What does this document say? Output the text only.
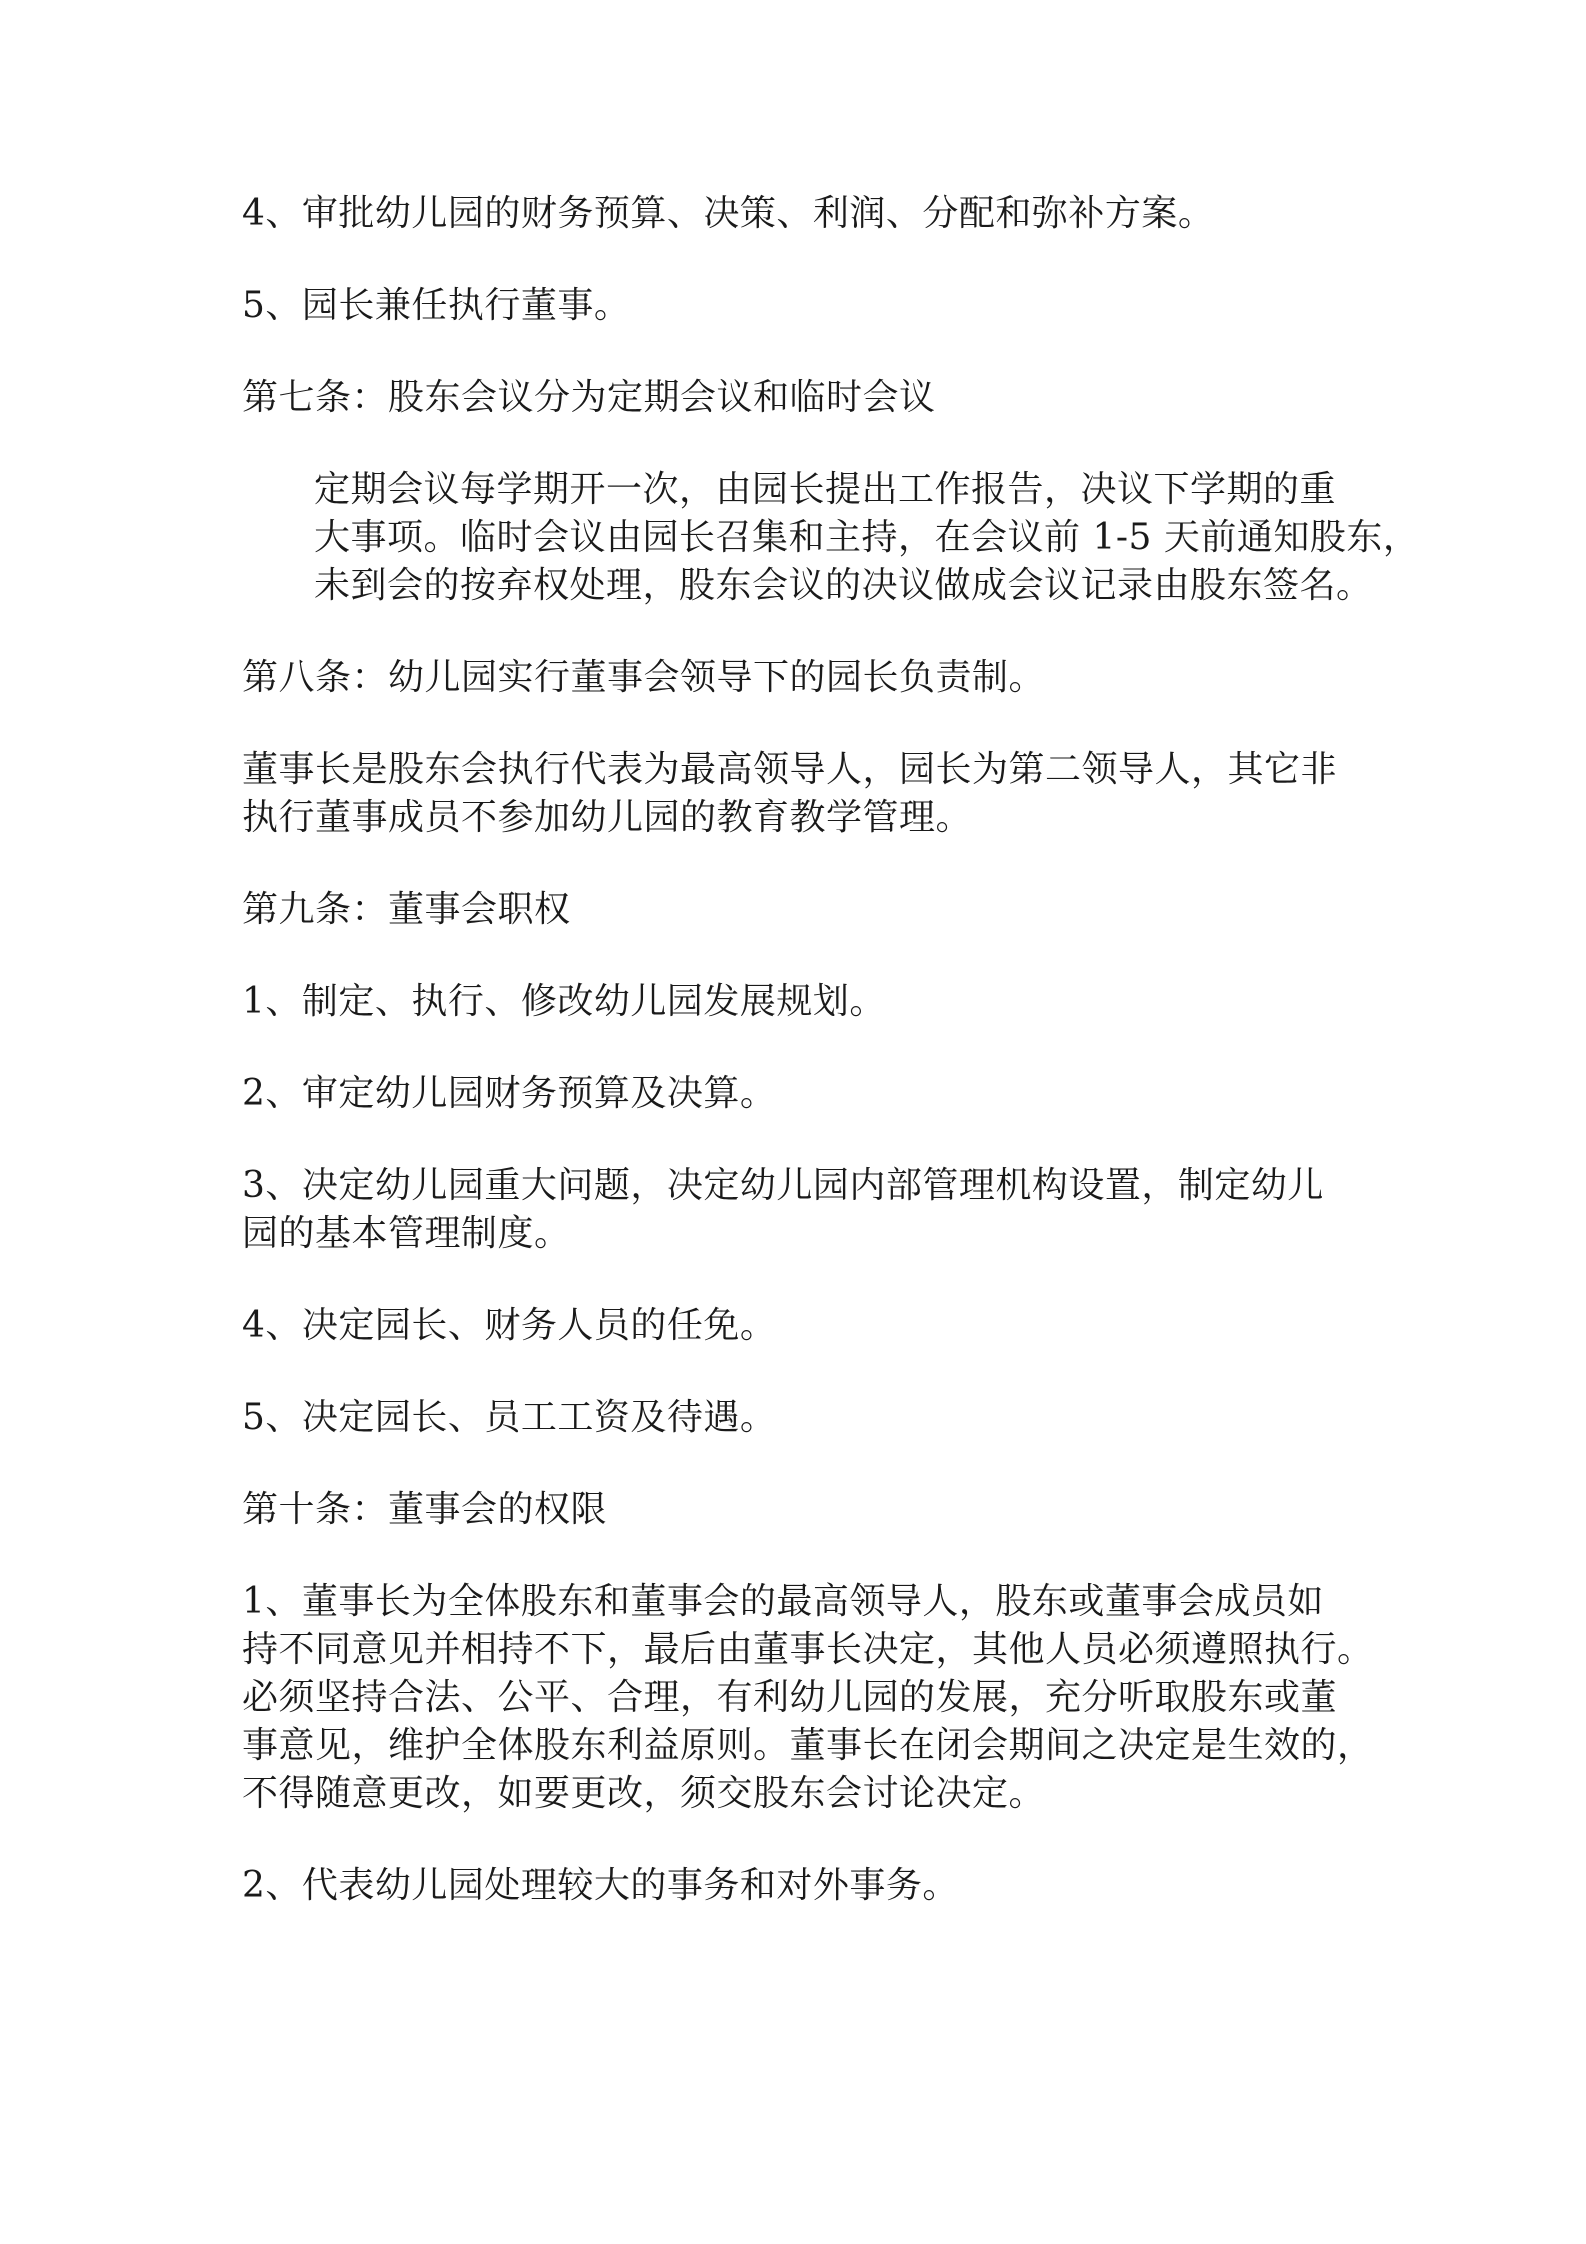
4、审批幼儿园的财务预算、决策、利润、分配和弥补方案。
5、园长兼任执行董事。
第七条：股东会议分为定期会议和临时会议
定期会议每学期开一次，由园长提出工作报告，决议下学期的重
大事项。临时会议由园长召集和主持，在会议前 1-5 天前通知股东，
未到会的按弃权处理，股东会议的决议做成会议记录由股东签名。
第八条：幼儿园实行董事会领导下的园长负责制。
董事长是股东会执行代表为最高领导人，园长为第二领导人，其它非
执行董事成员不参加幼儿园的教育教学管理。
第九条：董事会职权
1、制定、执行、修改幼儿园发展规划。
2、审定幼儿园财务预算及决算。
3、决定幼儿园重大问题，决定幼儿园内部管理机构设置，制定幼儿
园的基本管理制度。
4、决定园长、财务人员的任免。
5、决定园长、员工工资及待遇。
第十条：董事会的权限
1、董事长为全体股东和董事会的最高领导人，股东或董事会成员如
持不同意见并相持不下，最后由董事长决定，其他人员必须遵照执行。
必须坚持合法、公平、合理，有利幼儿园的发展，充分听取股东或董
事意见，维护全体股东利益原则。董事长在闭会期间之决定是生效的，
不得随意更改，如要更改，须交股东会讨论决定。
2、代表幼儿园处理较大的事务和对外事务。
